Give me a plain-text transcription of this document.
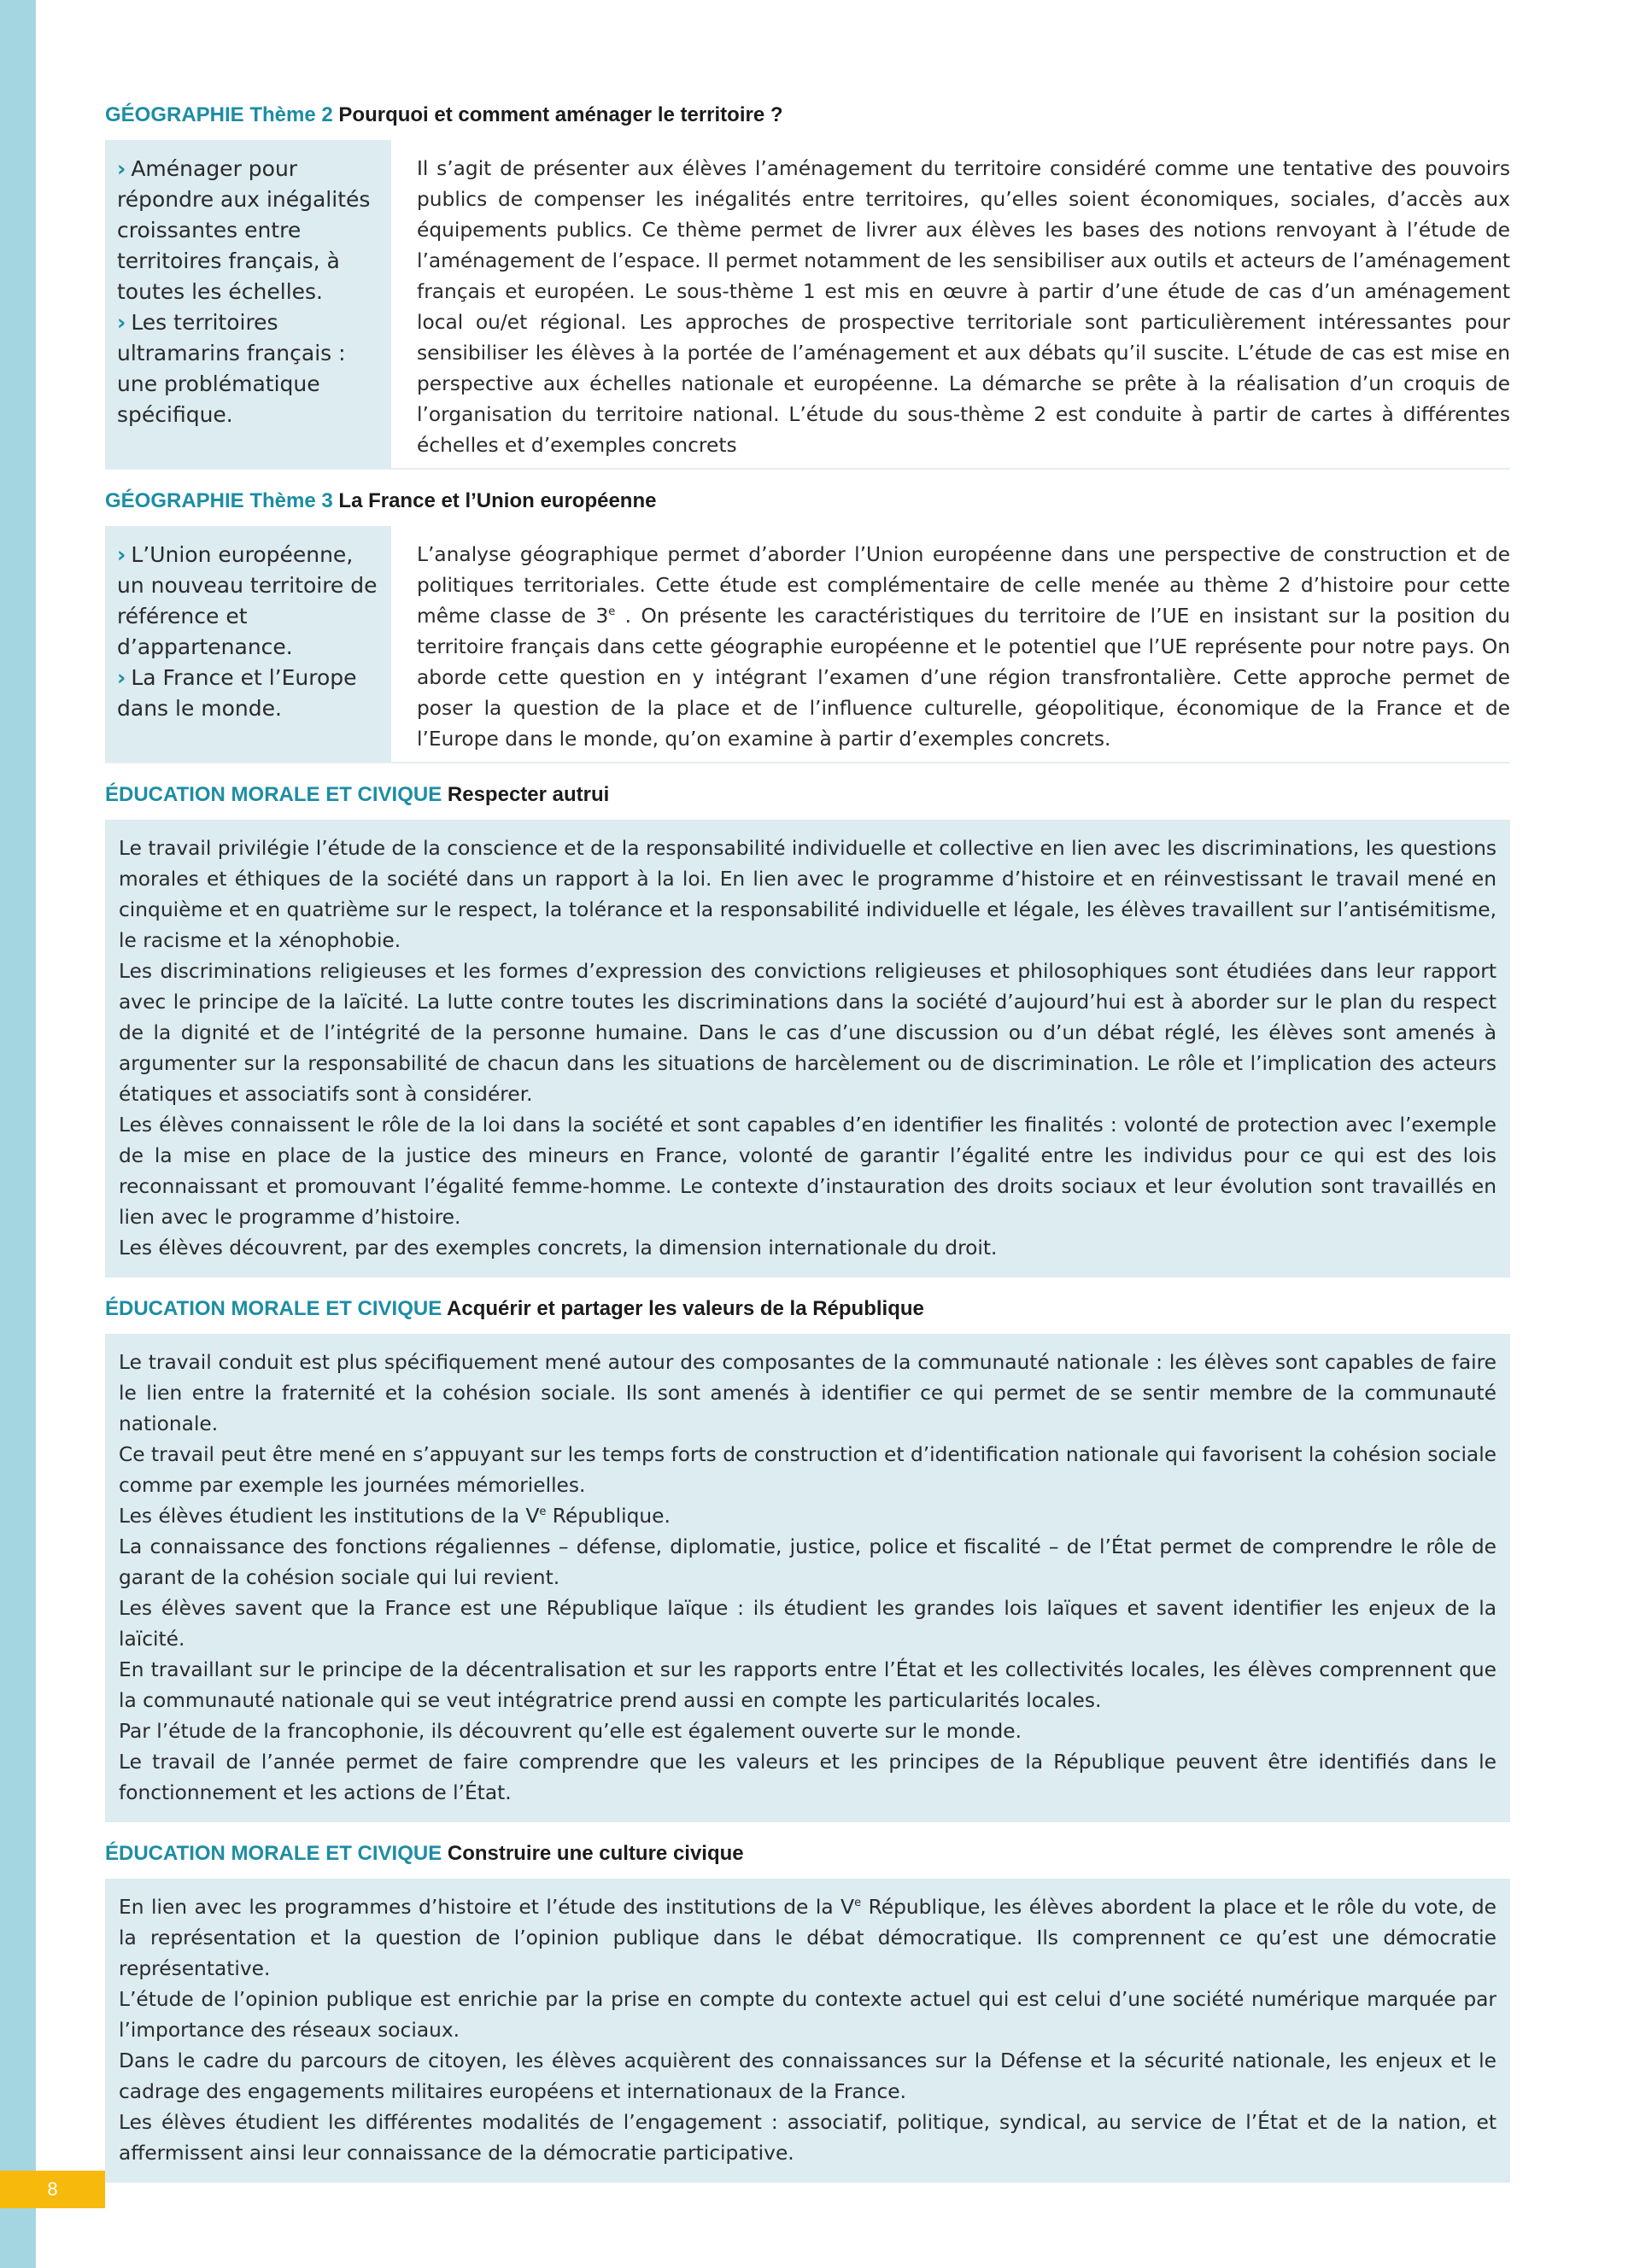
8
GÉOGRAPHIE Thème 2 Pourquoi et comment aménager le territoire ?
› Aménager pour répondre aux inégalités croissantes entre territoires français, à toutes les échelles.
› Les territoires ultramarins français : une problématique spécifique.

Il s’agit de présenter aux élèves l’aménagement du territoire considéré comme une tentative des pouvoirs publics de compenser les inégalités entre territoires, qu’elles soient économiques, sociales, d’accès aux équipements publics. Ce thème permet de livrer aux élèves les bases des notions renvoyant à l’étude de l’aménagement de l’espace. Il permet notamment de les sensibiliser aux outils et acteurs de l’aménagement français et européen. Le sous-thème 1 est mis en œuvre à partir d’une étude de cas d’un aménagement local ou/et régional. Les approches de prospective territoriale sont particulièrement intéressantes pour sensibiliser les élèves à la portée de l’aménagement et aux débats qu’il suscite. L’étude de cas est mise en perspective aux échelles nationale et européenne. La démarche se prête à la réalisation d’un croquis de l’organisation du territoire national. L’étude du sous-thème 2 est conduite à partir de cartes à différentes échelles et d’exemples concrets

GÉOGRAPHIE Thème 3 La France et l’Union européenne
› L’Union européenne, un nouveau territoire de référence et d’appartenance.
› La France et l’Europe dans le monde.

L’analyse géographique permet d’aborder l’Union européenne dans une perspective de construction et de politiques territoriales. Cette étude est complémentaire de celle menée au thème 2 d’histoire pour cette même classe de 3e . On présente les caractéristiques du territoire de l’UE en insistant sur la position du territoire français dans cette géographie européenne et le potentiel que l’UE représente pour notre pays. On aborde cette question en y intégrant l’examen d’une région transfrontalière. Cette approche permet de poser la question de la place et de l’influence culturelle, géopolitique, économique de la France et de l’Europe dans le monde, qu’on examine à partir d’exemples concrets.

ÉDUCATION MORALE ET CIVIQUE Respecter autrui

Le travail privilégie l’étude de la conscience et de la responsabilité individuelle et collective en lien avec les discriminations, les questions morales et éthiques de la société dans un rapport à la loi. En lien avec le programme d’histoire et en réinvestissant le travail mené en cinquième et en quatrième sur le respect, la tolérance et la responsabilité individuelle et légale, les élèves travaillent sur l’antisémitisme, le racisme et la xénophobie.

Les discriminations religieuses et les formes d’expression des convictions religieuses et philosophiques sont étudiées dans leur rapport avec le principe de la laïcité. La lutte contre toutes les discriminations dans la société d’aujourd’hui est à aborder sur le plan du respect de la dignité et de l’intégrité de la personne humaine. Dans le cas d’une discussion ou d’un débat réglé, les élèves sont amenés à argumenter sur la responsabilité de chacun dans les situations de harcèlement ou de discrimination. Le rôle et l’implication des acteurs étatiques et associatifs sont à considérer.

Les élèves connaissent le rôle de la loi dans la société et sont capables d’en identifier les finalités : volonté de protection avec l’exemple de la mise en place de la justice des mineurs en France, volonté de garantir l’égalité entre les individus pour ce qui est des lois reconnaissant et promouvant l’égalité femme-homme. Le contexte d’instauration des droits sociaux et leur évolution sont travaillés en lien avec le programme d’histoire.

Les élèves découvrent, par des exemples concrets, la dimension internationale du droit.

ÉDUCATION MORALE ET CIVIQUE Acquérir et partager les valeurs de la République

Le travail conduit est plus spécifiquement mené autour des composantes de la communauté nationale : les élèves sont capables de faire le lien entre la fraternité et la cohésion sociale. Ils sont amenés à identifier ce qui permet de se sentir membre de la communauté nationale.

Ce travail peut être mené en s’appuyant sur les temps forts de construction et d’identification nationale qui favorisent la cohésion sociale comme par exemple les journées mémorielles.

Les élèves étudient les institutions de la Ve République.

La connaissance des fonctions régaliennes – défense, diplomatie, justice, police et fiscalité – de l’État permet de comprendre le rôle de garant de la cohésion sociale qui lui revient.

Les élèves savent que la France est une République laïque : ils étudient les grandes lois laïques et savent identifier les enjeux de la laïcité.

En travaillant sur le principe de la décentralisation et sur les rapports entre l’État et les collectivités locales, les élèves comprennent que la communauté nationale qui se veut intégratrice prend aussi en compte les particularités locales.

Par l’étude de la francophonie, ils découvrent qu’elle est également ouverte sur le monde.

Le travail de l’année permet de faire comprendre que les valeurs et les principes de la République peuvent être identifiés dans le fonctionnement et les actions de l’État.

ÉDUCATION MORALE ET CIVIQUE Construire une culture civique

En lien avec les programmes d’histoire et l’étude des institutions de la Ve République, les élèves abordent la place et le rôle du vote, de la représentation et la question de l’opinion publique dans le débat démocratique. Ils comprennent ce qu’est une démocratie représentative.

L’étude de l’opinion publique est enrichie par la prise en compte du contexte actuel qui est celui d’une société numérique marquée par l’importance des réseaux sociaux.

Dans le cadre du parcours de citoyen, les élèves acquièrent des connaissances sur la Défense et la sécurité nationale, les enjeux et le cadrage des engagements militaires européens et internationaux de la France.

Les élèves étudient les différentes modalités de l’engagement : associatif, politique, syndical, au service de l’État et de la nation, et affermissent ainsi leur connaissance de la démocratie participative.
